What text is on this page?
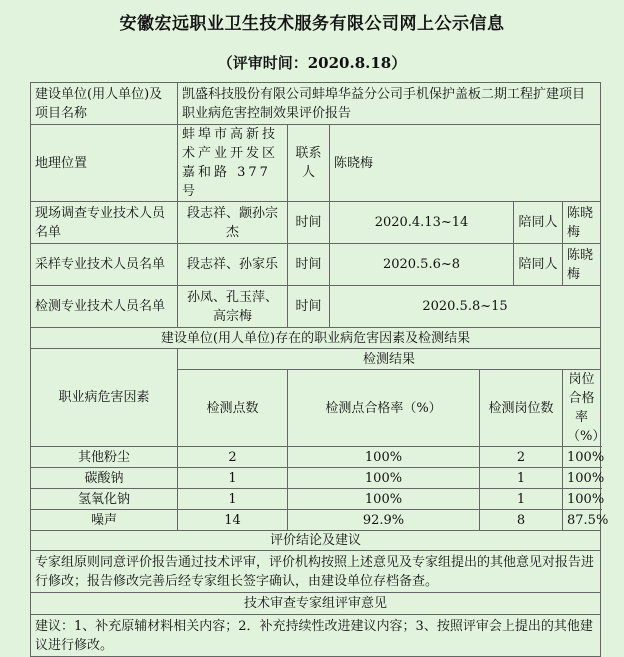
安徽宏远职业卫生技术服务有限公司网上公示信息
（评审时间：2020.8.18）
建设单位(用人单位)及项目名称	凯盛科技股份有限公司蚌埠华益分公司手机保护盖板二期工程扩建项目职业病危害控制效果评价报告					
地理位置	蚌埠市高新技术产业开发区嘉和路 377 号	联系人	陈晓梅			
现场调查专业技术人员名单	段志祥、颛孙宗杰	时间	2020.4.13~14		陪同人	陈晓梅
采样专业技术人员名单	段志祥、孙家乐	时间	2020.5.6~8		陪同人	陈晓梅
检测专业技术人员名单	孙凤、孔玉萍、高宗梅	时间	2020.5.8~15			
建设单位(用人单位)存在的职业病危害因素及检测结果						
职业病危害因素	检测结果					
	检测点数	检测点合格率（%）		检测岗位数		岗位合格率（%）
其他粉尘	2	100%		2		100%
碳酸钠	1	100%		1		100%
氢氧化钠	1	100%		1		100%
噪声	14	92.9%		8		87.5%
评价结论及建议						
专家组原则同意评价报告通过技术评审，评价机构按照上述意见及专家组提出的其他意见对报告进行修改；报告修改完善后经专家组长签字确认，由建设单位存档备查。						
技术审查专家组评审意见						
建议：1、补充原辅材料相关内容；2．补充持续性改进建议内容；3、按照评审会上提出的其他建议进行修改。						
